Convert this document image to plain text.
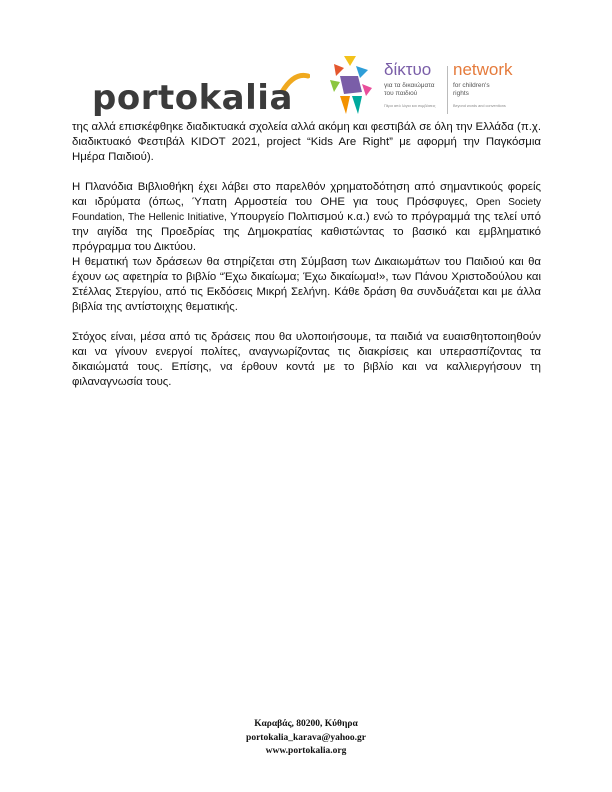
portokalia
δίκτυο
για τα δικαιώματα
του παιδιού
Πέρα από λόγια και συμβάσεις
network
for children's
rights
Beyond words and conventions

της αλλά επισκέφθηκε διαδικτυακά σχολεία αλλά ακόμη και φεστιβάλ σε όλη την Ελλάδα (π.χ. διαδικτυακό Φεστιβάλ KIDOT 2021, project “Kids Are Right” με αφορμή την Παγκόσμια Ημέρα Παιδιού).

Η Πλανόδια Βιβλιοθήκη έχει λάβει στο παρελθόν χρηματοδότηση από σημαντικούς φορείς και ιδρύματα (όπως, Ύπατη Αρμοστεία του ΟΗΕ για τους Πρόσφυγες, Open Society Foundation, The Hellenic Initiative, Υπουργείο Πολιτισμού κ.α.) ενώ το πρόγραμμά της τελεί υπό την αιγίδα της Προεδρίας της Δημοκρατίας καθιστώντας το βασικό και εμβληματικό πρόγραμμα του Δικτύου.

Η θεματική των δράσεων θα στηρίζεται στη Σύμβαση των Δικαιωμάτων του Παιδιού και θα έχουν ως αφετηρία το βιβλίο “Έχω δικαίωμα; Έχω δικαίωμα!», των Πάνου Χριστοδούλου και Στέλλας Στεργίου, από τις Εκδόσεις Μικρή Σελήνη. Κάθε δράση θα συνδυάζεται και με άλλα βιβλία της αντίστοιχης θεματικής.

Στόχος είναι, μέσα από τις δράσεις που θα υλοποιήσουμε, τα παιδιά να ευαισθητοποιηθούν και να γίνουν ενεργοί πολίτες, αναγνωρίζοντας τις διακρίσεις και υπερασπίζοντας τα δικαιώματά τους. Επίσης, να έρθουν κοντά με το βιβλίο και να καλλιεργήσουν τη φιλαναγνωσία τους.

Καραβάς, 80200, Κύθηρα
portokalia_karava@yahoo.gr
www.portokalia.org
